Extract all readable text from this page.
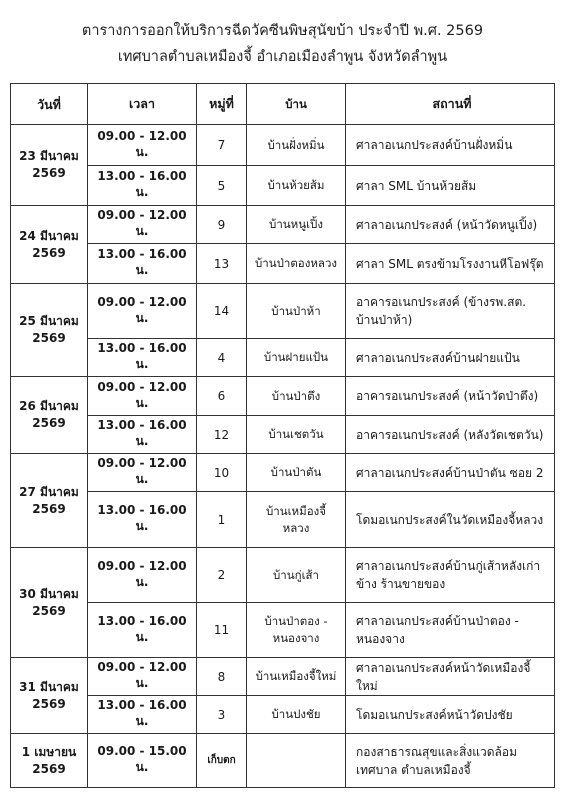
ตารางการออกให้บริการฉีดวัคซีนพิษสุนัขบ้า ประจำปี พ.ศ. 2569
เทศบาลตำบลเหมืองจี้ อำเภอเมืองลำพูน จังหวัดลำพูน
วันที่	เวลา	หมู่ที่	บ้าน	สถานที่
23 มีนาคม 2569	09.00 - 12.00 น.	7	บ้านฝั่งหมิ่น	ศาลาอเนกประสงค์บ้านฝั่งหมิ่น
	13.00 - 16.00 น.	5	บ้านห้วยส้ม	ศาลา SML บ้านห้วยส้ม
24 มีนาคม 2569	09.00 - 12.00 น.	9	บ้านหนูเปิ้ง	ศาลาอเนกประสงค์ (หน้าวัดหนูเปิ้ง)
	13.00 - 16.00 น.	13	บ้านป่าตองหลวง	ศาลา SML ตรงข้ามโรงงานหีโอฟรุ๊ต
25 มีนาคม 2569	09.00 - 12.00 น.	14	บ้านป่าห้า	อาคารอเนกประสงค์ (ข้างรพ.สต. บ้านป่าห้า)
	13.00 - 16.00 น.	4	บ้านฝายแป้น	ศาลาอเนกประสงค์บ้านฝายแป้น
26 มีนาคม 2569	09.00 - 12.00 น.	6	บ้านป่าตึง	อาคารอเนกประสงค์ (หน้าวัดป่าตึง)
	13.00 - 16.00 น.	12	บ้านเชตวัน	อาคารอเนกประสงค์ (หลังวัดเชตวัน)
27 มีนาคม 2569	09.00 - 12.00 น.	10	บ้านป่าตัน	ศาลาอเนกประสงค์บ้านป่าตัน ซอย 2
	13.00 - 16.00 น.	1	บ้านเหมืองจี้ หลวง	โดมอเนกประสงค์ในวัดเหมืองจี้หลวง
30 มีนาคม 2569	09.00 - 12.00 น.	2	บ้านกู่เส้า	ศาลาอเนกประสงค์บ้านกู่เส้าหลังเก่าข้าง ร้านขายของ
	13.00 - 16.00 น.	11	บ้านป่าตอง - หนองจาง	ศาลาอเนกประสงค์บ้านป่าตอง - หนองจาง
31 มีนาคม 2569	09.00 - 12.00 น.	8	บ้านเหมืองจี้ใหม่	ศาลาอเนกประสงค์หน้าวัดเหมืองจี้ใหม่
	13.00 - 16.00 น.	3	บ้านปงชัย	โดมอเนกประสงค์หน้าวัดปงชัย
1 เมษายน 2569	09.00 - 15.00 น.	เก็บตก		กองสาธารณสุขและสิ่งแวดล้อม เทศบาล ตำบลเหมืองจี้
